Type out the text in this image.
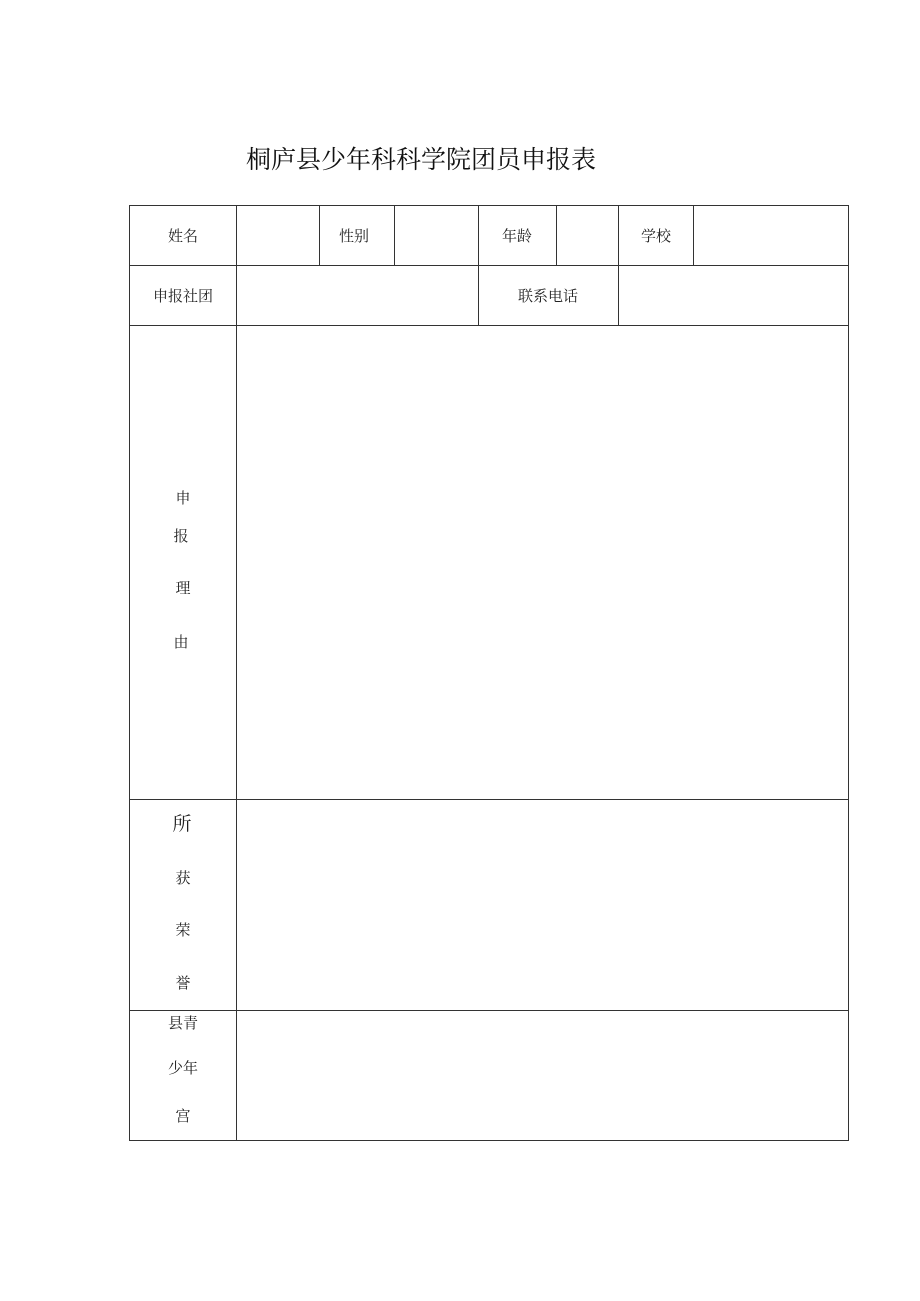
桐庐县少年科科学院团员申报表
姓名	性别	年龄	学校
申报社团	联系电话
申
报
理
由
所
获
荣
誉
县青
少年
宫
